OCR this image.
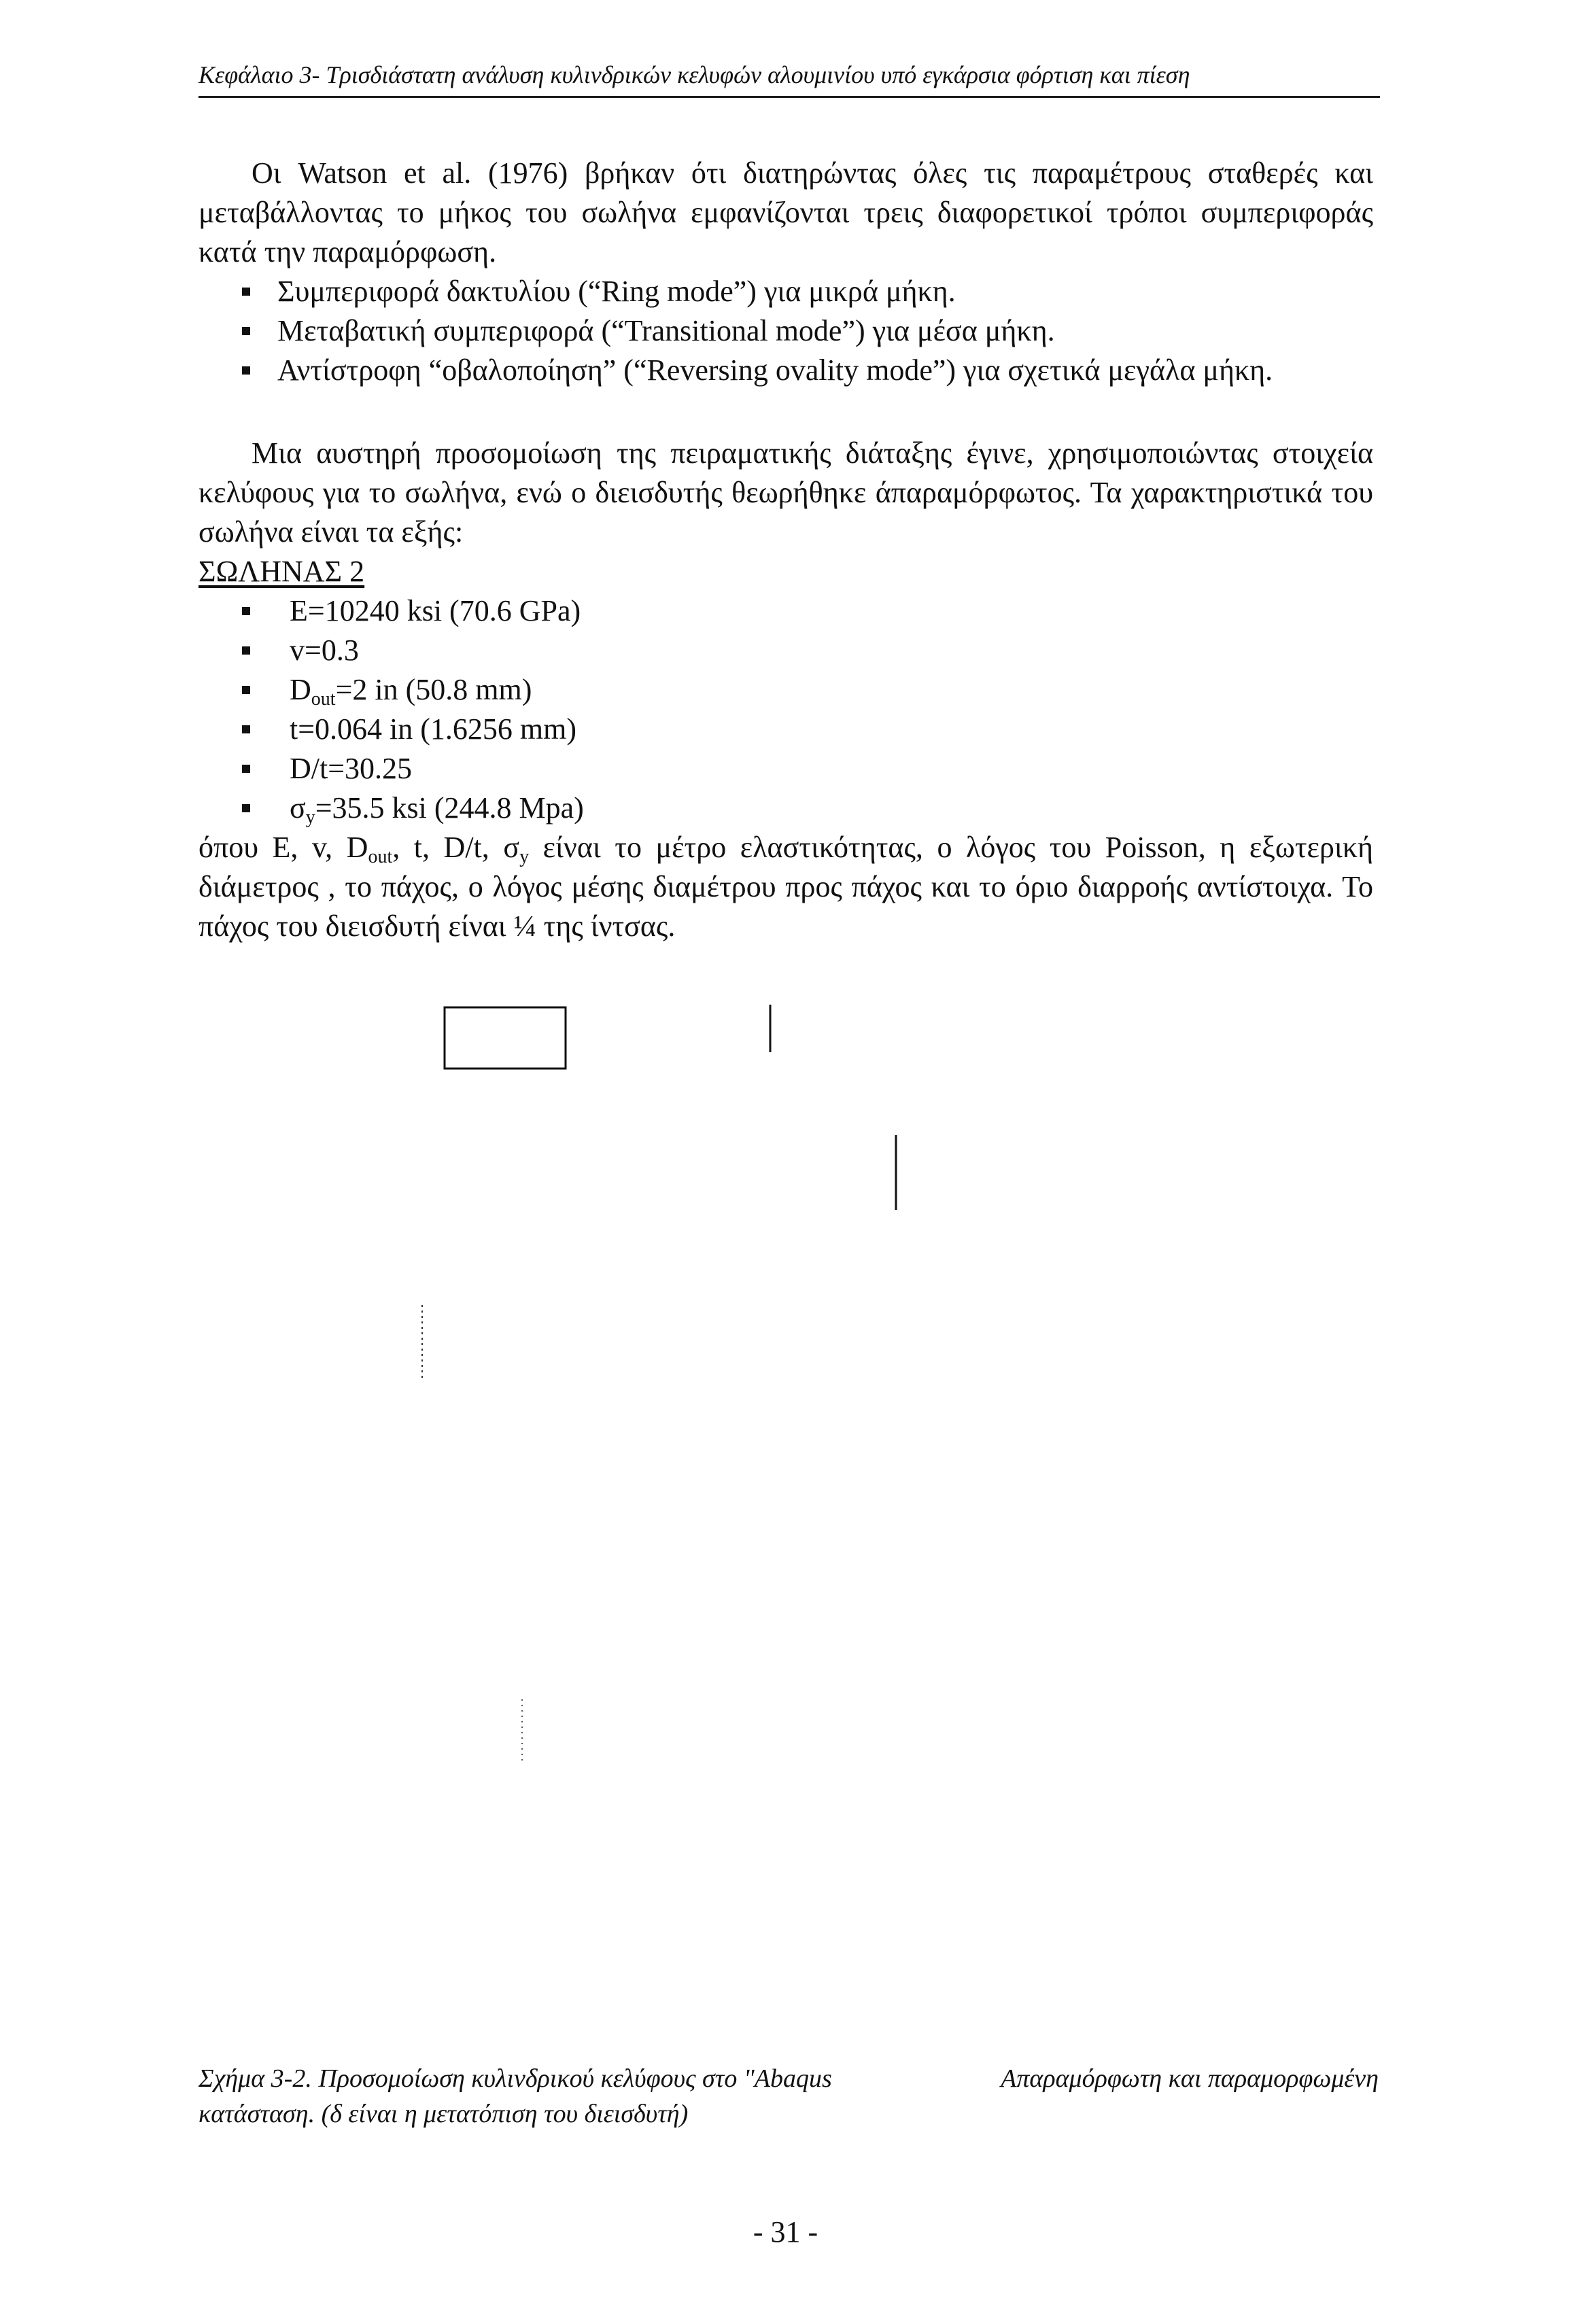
Κεφάλαιο 3- Τρισδιάστατη ανάλυση κυλινδρικών κελυφών αλουμινίου υπό εγκάρσια φόρτιση και πίεση
Οι Watson et al. (1976) βρήκαν ότι διατηρώντας όλες τις παραμέτρους σταθερές και μεταβάλλοντας το μήκος του σωλήνα εμφανίζονται τρεις διαφορετικοί τρόποι συμπεριφοράς κατά την παραμόρφωση.
Συμπεριφορά δακτυλίου (“Ring mode”) για μικρά μήκη.
Μεταβατική συμπεριφορά (“Transitional mode”) για μέσα μήκη.
Αντίστροφη “οβαλοποίηση” (“Reversing ovality mode”) για σχετικά μεγάλα μήκη.
Μια αυστηρή προσομοίωση της πειραματικής διάταξης έγινε, χρησιμοποιώντας στοιχεία κελύφους για το σωλήνα, ενώ ο διεισδυτής θεωρήθηκε άπαραμόρφωτος. Τα χαρακτηριστικά του σωλήνα είναι τα εξής:
ΣΩΛΗΝΑΣ 2
E=10240 ksi (70.6 GPa)
v=0.3
$D_{out}=2$ in (50.8 mm)
t=0.064 in (1.6256 mm)
D/t=30.25
$\sigma_y=35.5$ ksi (244.8 Mpa)
όπου E, v, $D_{out}$, t, D/t, $\sigma_y$ είναι το μέτρο ελαστικότητας, ο λόγος του Poisson, η εξωτερική διάμετρος , το πάχος, ο λόγος μέσης διαμέτρου προς πάχος και το όριο διαρροής αντίστοιχα. Το πάχος του διεισδυτή είναι ¼ της ίντσας.
Σχήμα 3-2. Προσομοίωση κυλινδρικού κελύφους στο "Abaqus	Απαραμόρφωτη και παραμορφωμένη
κατάσταση. (δ είναι η μετατόπιση του διεισδυτή)
- 31 -
